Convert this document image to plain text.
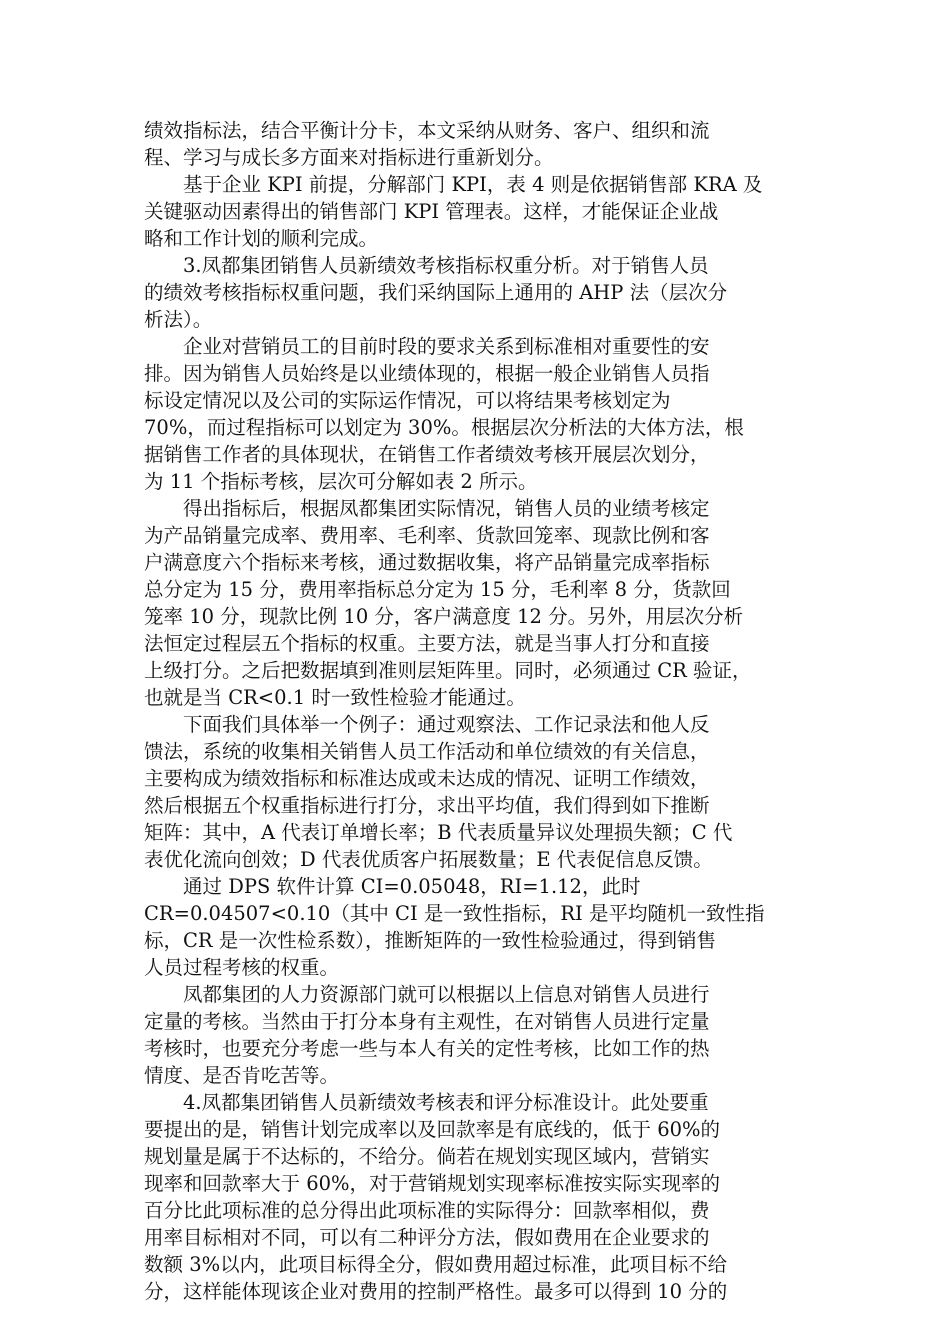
绩效指标法，结合平衡计分卡，本文采纳从财务、客户、组织和流
程、学习与成长多方面来对指标进行重新划分。
　　基于企业 KPI 前提，分解部门 KPI，表 4 则是依据销售部 KRA 及
关键驱动因素得出的销售部门 KPI 管理表。这样，才能保证企业战
略和工作计划的顺利完成。
　　3.凤都集团销售人员新绩效考核指标权重分析。对于销售人员
的绩效考核指标权重问题，我们采纳国际上通用的 AHP 法（层次分
析法）。
　　企业对营销员工的目前时段的要求关系到标准相对重要性的安
排。因为销售人员始终是以业绩体现的，根据一般企业销售人员指
标设定情况以及公司的实际运作情况，可以将结果考核划定为
70%，而过程指标可以划定为 30%。根据层次分析法的大体方法，根
据销售工作者的具体现状，在销售工作者绩效考核开展层次划分，
为 11 个指标考核，层次可分解如表 2 所示。
　　得出指标后，根据凤都集团实际情况，销售人员的业绩考核定
为产品销量完成率、费用率、毛利率、货款回笼率、现款比例和客
户满意度六个指标来考核，通过数据收集，将产品销量完成率指标
总分定为 15 分，费用率指标总分定为 15 分，毛利率 8 分，货款回
笼率 10 分，现款比例 10 分，客户满意度 12 分。另外，用层次分析
法恒定过程层五个指标的权重。主要方法，就是当事人打分和直接
上级打分。之后把数据填到准则层矩阵里。同时，必须通过 CR 验证，
也就是当 CR<0.1 时一致性检验才能通过。
　　下面我们具体举一个例子：通过观察法、工作记录法和他人反
馈法，系统的收集相关销售人员工作活动和单位绩效的有关信息，
主要构成为绩效指标和标准达成或未达成的情况、证明工作绩效，
然后根据五个权重指标进行打分，求出平均值，我们得到如下推断
矩阵：其中，A 代表订单增长率；B 代表质量异议处理损失额；C 代
表优化流向创效；D 代表优质客户拓展数量；E 代表促信息反馈。
　　通过 DPS 软件计算 CI=0.05048，RI=1.12，此时
CR=0.04507<0.10（其中 CI 是一致性指标，RI 是平均随机一致性指
标，CR 是一次性检系数），推断矩阵的一致性检验通过，得到销售
人员过程考核的权重。
　　凤都集团的人力资源部门就可以根据以上信息对销售人员进行
定量的考核。当然由于打分本身有主观性，在对销售人员进行定量
考核时，也要充分考虑一些与本人有关的定性考核，比如工作的热
情度、是否肯吃苦等。
　　4.凤都集团销售人员新绩效考核表和评分标准设计。此处要重
要提出的是，销售计划完成率以及回款率是有底线的，低于 60%的
规划量是属于不达标的，不给分。倘若在规划实现区域内，营销实
现率和回款率大于 60%，对于营销规划实现率标准按实际实现率的
百分比此项标准的总分得出此项标准的实际得分：回款率相似，费
用率目标相对不同，可以有二种评分方法，假如费用在企业要求的
数额 3%以内，此项目标得全分，假如费用超过标准，此项目标不给
分，这样能体现该企业对费用的控制严格性。最多可以得到 10 分的
